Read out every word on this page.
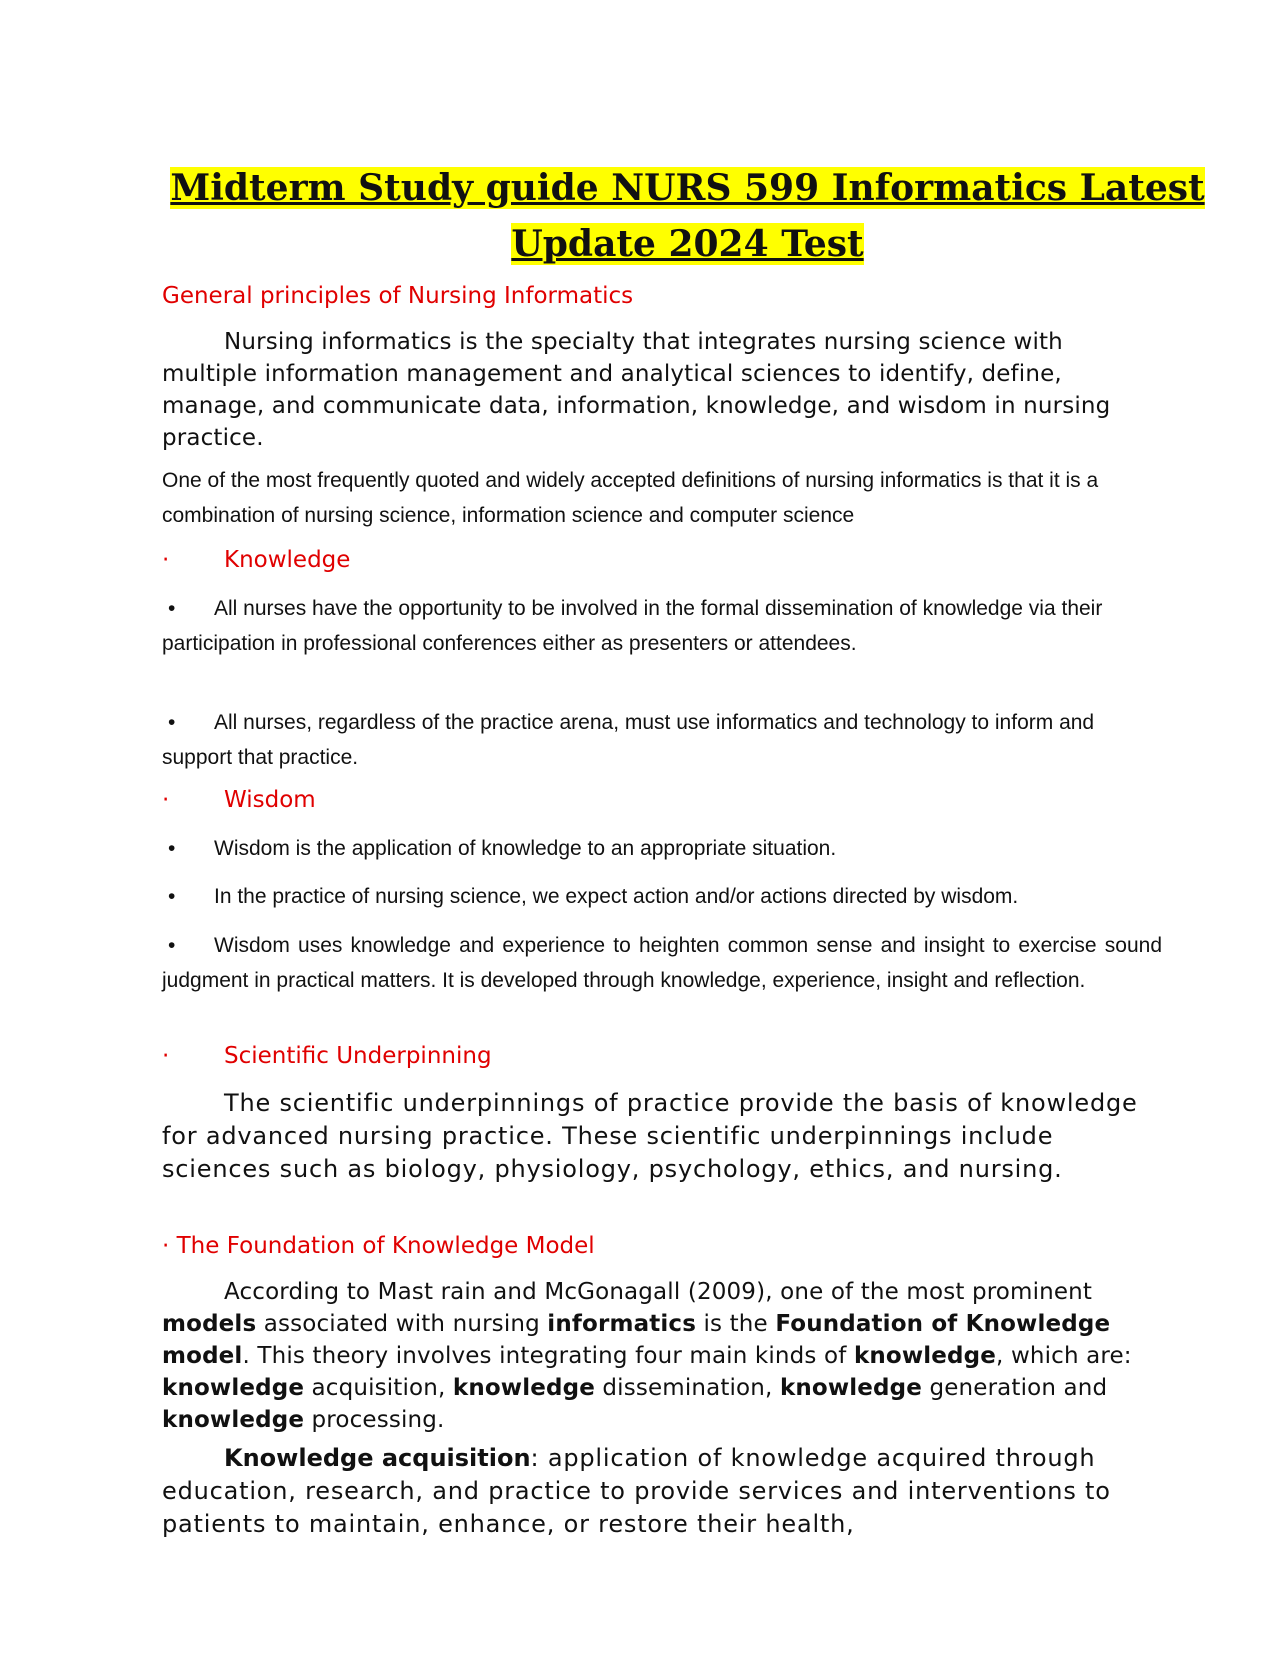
Midterm Study guide NURS 599 Informatics Latest
Update 2024 Test

General principles of Nursing Informatics

Nursing informatics is the specialty that integrates nursing science with multiple information management and analytical sciences to identify, define, manage, and communicate data, information, knowledge, and wisdom in nursing practice.

One of the most frequently quoted and widely accepted definitions of nursing informatics is that it is a combination of nursing science, information science and computer science

· Knowledge

• All nurses have the opportunity to be involved in the formal dissemination of knowledge via their participation in professional conferences either as presenters or attendees.

• All nurses, regardless of the practice arena, must use informatics and technology to inform and support that practice.

· Wisdom

• Wisdom is the application of knowledge to an appropriate situation.

• In the practice of nursing science, we expect action and/or actions directed by wisdom.

• Wisdom uses knowledge and experience to heighten common sense and insight to exercise sound judgment in practical matters. It is developed through knowledge, experience, insight and reflection.

· Scientific Underpinning

The scientific underpinnings of practice provide the basis of knowledge for advanced nursing practice. These scientific underpinnings include sciences such as biology, physiology, psychology, ethics, and nursing.

· The Foundation of Knowledge Model

According to Mast rain and McGonagall (2009), one of the most prominent models associated with nursing informatics is the Foundation of Knowledge model. This theory involves integrating four main kinds of knowledge, which are: knowledge acquisition, knowledge dissemination, knowledge generation and knowledge processing.

Knowledge acquisition: application of knowledge acquired through education, research, and practice to provide services and interventions to patients to maintain, enhance, or restore their health,
